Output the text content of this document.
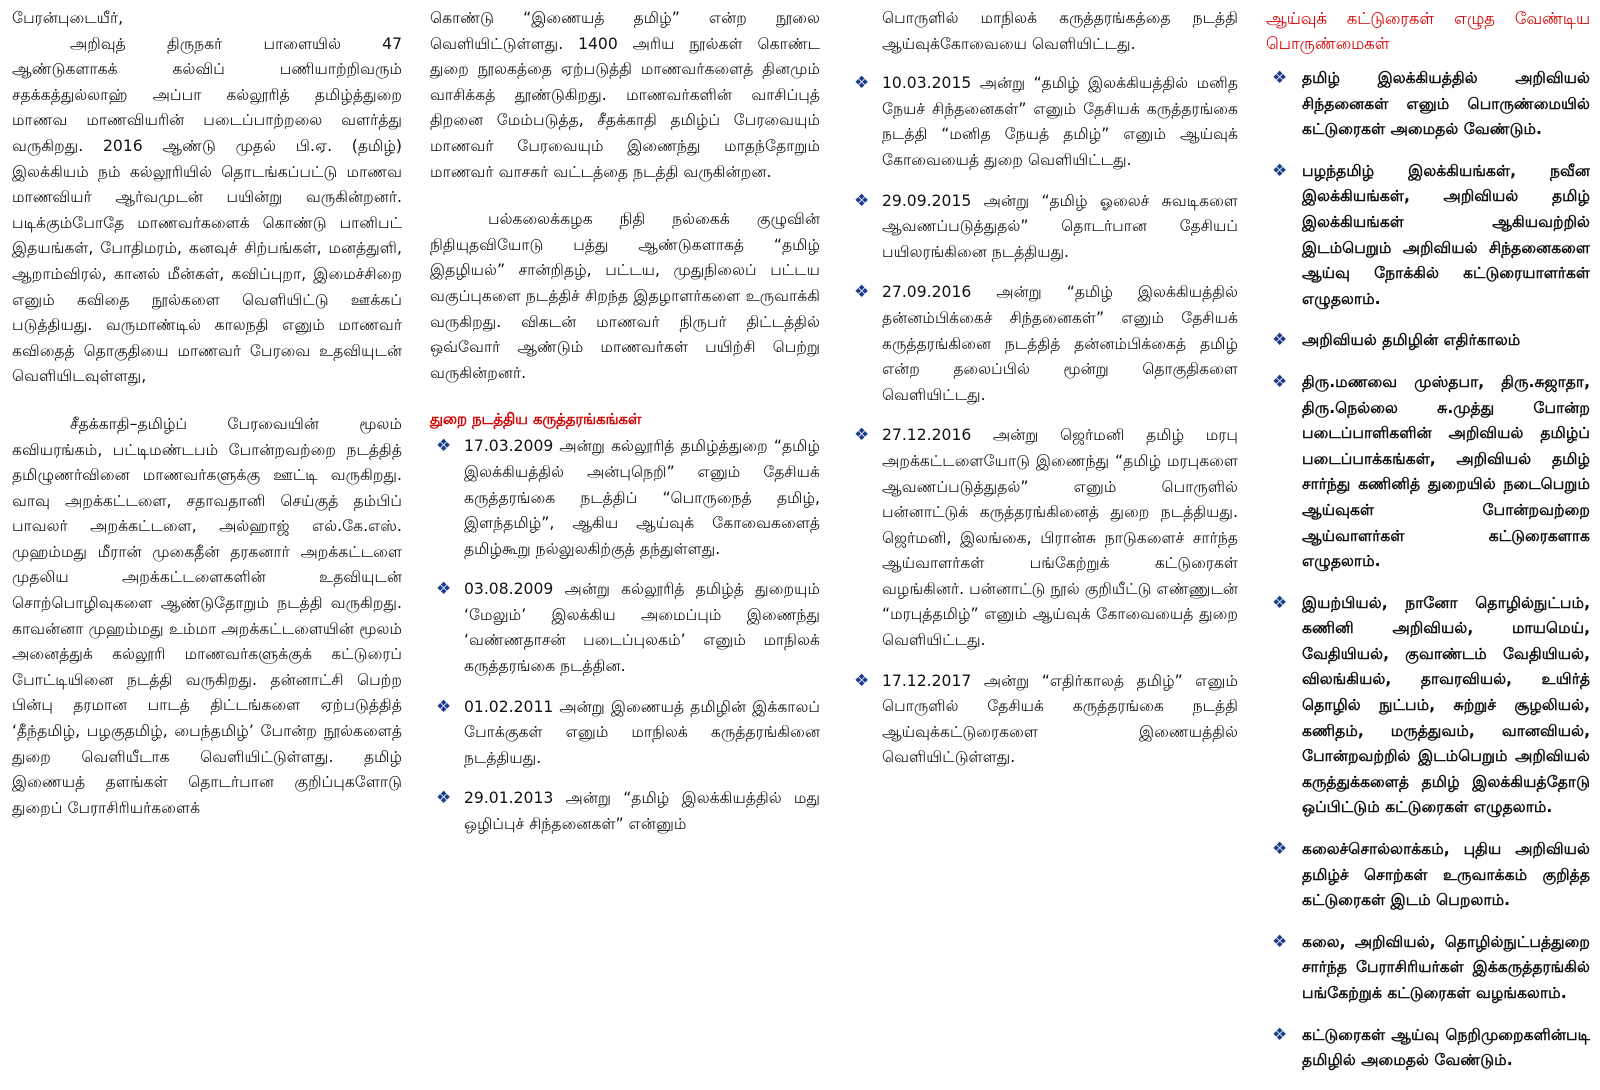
பேரன்புடையீர்,

அறிவுத் திருநகர் பாளையில் 47 ஆண்டுகளாகக் கல்விப் பணியாற்றிவரும் சதக்கத்துல்லாஹ் அப்பா கல்லூரித் தமிழ்த்துறை மாணவ மாணவியரின் படைப்பாற்றலை வளர்த்து வருகிறது. 2016 ஆண்டு முதல் பி.ஏ. (தமிழ்) இலக்கியம் நம் கல்லூரியில் தொடங்கப்பட்டு மாணவ மாணவியர் ஆர்வமுடன் பயின்று வருகின்றனர். படிக்கும்போதே மாணவர்களைக் கொண்டு பானிபட் இதயங்கள், போதிமரம், கனவுச் சிற்பங்கள், மனத்துளி, ஆறாம்விரல், கானல் மீன்கள், கவிப்புறா, இமைச்சிறை எனும் கவிதை நூல்களை வெளியிட்டு ஊக்கப் படுத்தியது. வருமாண்டில் காலநதி எனும் மாணவர் கவிதைத் தொகுதியை மாணவர் பேரவை உதவியுடன் வெளியிடவுள்ளது,

சீதக்காதி–தமிழ்ப் பேரவையின் மூலம் கவியரங்கம், பட்டிமண்டபம் போன்றவற்றை நடத்தித் தமிழுணர்வினை மாணவர்களுக்கு ஊட்டி வருகிறது. வாவு அறக்கட்டளை, சதாவதானி செய்குத் தம்பிப் பாவலர் அறக்கட்டளை, அல்ஹாஜ் எல்.கே.எஸ். முஹம்மது மீரான் முகைதீன் தரகனார் அறக்கட்டளை முதலிய அறக்கட்டளைகளின் உதவியுடன் சொற்பொழிவுகளை ஆண்டுதோறும் நடத்தி வருகிறது. காவன்னா முஹம்மது உம்மா அறக்கட்டளையின் மூலம் அனைத்துக் கல்லூரி மாணவர்களுக்குக் கட்டுரைப் போட்டியினை நடத்தி வருகிறது. தன்னாட்சி பெற்ற பின்பு தரமான பாடத் திட்டங்களை ஏற்படுத்தித் ‘தீந்தமிழ், பழகுதமிழ், பைந்தமிழ்’ போன்ற நூல்களைத் துறை வெளியீடாக வெளியிட்டுள்ளது. தமிழ் இணையத் தளங்கள் தொடர்பான குறிப்புகளோடு துறைப் பேராசிரியர்களைக்

கொண்டு “இணையத் தமிழ்” என்ற நூலை வெளியிட்டுள்ளது. 1400 அரிய நூல்கள் கொண்ட துறை நூலகத்தை ஏற்படுத்தி மாணவர்களைத் தினமும் வாசிக்கத் தூண்டுகிறது. மாணவர்களின் வாசிப்புத் திறனை மேம்படுத்த, சீதக்காதி தமிழ்ப் பேரவையும் மாணவர் பேரவையும் இணைந்து மாதந்தோறும் மாணவர் வாசகர் வட்டத்தை நடத்தி வருகின்றன.

பல்கலைக்கழக நிதி நல்கைக் குழுவின் நிதியுதவியோடு பத்து ஆண்டுகளாகத் “தமிழ் இதழியல்” சான்றிதழ், பட்டய, முதுநிலைப் பட்டய வகுப்புகளை நடத்திச் சிறந்த இதழாளர்களை உருவாக்கி வருகிறது. விகடன் மாணவர் நிருபர் திட்டத்தில் ஒவ்வோர் ஆண்டும் மாணவர்கள் பயிற்சி பெற்று வருகின்றனர்.

துறை நடத்திய கருத்தரங்கங்கள்
❖ 17.03.2009 அன்று கல்லூரித் தமிழ்த்துறை “தமிழ் இலக்கியத்தில் அன்புநெறி” எனும் தேசியக் கருத்தரங்கை நடத்திப் “பொருநைத் தமிழ், இளந்தமிழ்”, ஆகிய ஆய்வுக் கோவைகளைத் தமிழ்கூறு நல்லுலகிற்குத் தந்துள்ளது.
❖ 03.08.2009 அன்று கல்லூரித் தமிழ்த் துறையும் ‘மேலும்’ இலக்கிய அமைப்பும் இணைந்து ‘வண்ணதாசன் படைப்புலகம்’ எனும் மாநிலக் கருத்தரங்கை நடத்தின.
❖ 01.02.2011 அன்று இணையத் தமிழின் இக்காலப் போக்குகள் எனும் மாநிலக் கருத்தரங்கினை நடத்தியது.
❖ 29.01.2013 அன்று “தமிழ் இலக்கியத்தில் மது ஒழிப்புச் சிந்தனைகள்” என்னும்

பொருளில் மாநிலக் கருத்தரங்கத்தை நடத்தி ஆய்வுக்கோவையை வெளியிட்டது.

❖ 10.03.2015 அன்று “தமிழ் இலக்கியத்தில் மனித நேயச் சிந்தனைகள்” எனும் தேசியக் கருத்தரங்கை நடத்தி “மனித நேயத் தமிழ்” எனும் ஆய்வுக் கோவையைத் துறை வெளியிட்டது.
❖ 29.09.2015 அன்று “தமிழ் ஓலைச் சுவடிகளை ஆவணப்படுத்துதல்” தொடர்பான தேசியப் பயிலரங்கினை நடத்தியது.
❖ 27.09.2016 அன்று “தமிழ் இலக்கியத்தில் தன்னம்பிக்கைச் சிந்தனைகள்” எனும் தேசியக் கருத்தரங்கினை நடத்தித் தன்னம்பிக்கைத் தமிழ் என்ற தலைப்பில் மூன்று தொகுதிகளை வெளியிட்டது.
❖ 27.12.2016 அன்று ஜெர்மனி தமிழ் மரபு அறக்கட்டளையோடு இணைந்து “தமிழ் மரபுகளை ஆவணப்படுத்துதல்” எனும் பொருளில் பன்னாட்டுக் கருத்தரங்கினைத் துறை நடத்தியது. ஜெர்மனி, இலங்கை, பிரான்சு நாடுகளைச் சார்ந்த ஆய்வாளர்கள் பங்கேற்றுக் கட்டுரைகள் வழங்கினர். பன்னாட்டு நூல் குறியீட்டு எண்ணுடன் “மரபுத்தமிழ்” எனும் ஆய்வுக் கோவையைத் துறை வெளியிட்டது.
❖ 17.12.2017 அன்று “எதிர்காலத் தமிழ்” எனும் பொருளில் தேசியக் கருத்தரங்கை நடத்தி ஆய்வுக்கட்டுரைகளை இணையத்தில் வெளியிட்டுள்ளது.
ஆய்வுக் கட்டுரைகள் எழுத வேண்டிய பொருண்மைகள்
❖ தமிழ் இலக்கியத்தில் அறிவியல் சிந்தனைகள் எனும் பொருண்மையில் கட்டுரைகள் அமைதல் வேண்டும்.
❖ பழந்தமிழ் இலக்கியங்கள், நவீன இலக்கியங்கள், அறிவியல் தமிழ் இலக்கியங்கள் ஆகியவற்றில் இடம்பெறும் அறிவியல் சிந்தனைகளை ஆய்வு நோக்கில் கட்டுரையாளர்கள் எழுதலாம்.
❖ அறிவியல் தமிழின் எதிர்காலம்
❖ திரு.மணவை முஸ்தபா, திரு.சுஜாதா, திரு.நெல்லை சு.முத்து போன்ற படைப்பாளிகளின் அறிவியல் தமிழ்ப் படைப்பாக்கங்கள், அறிவியல் தமிழ் சார்ந்து கணினித் துறையில் நடைபெறும் ஆய்வுகள் போன்றவற்றை ஆய்வாளர்கள் கட்டுரைகளாக எழுதலாம்.
❖ இயற்பியல், நானோ தொழில்நுட்பம், கணினி அறிவியல், மாயமெய், வேதியியல், குவாண்டம் வேதியியல், விலங்கியல், தாவரவியல், உயிர்த் தொழில் நுட்பம், சுற்றுச் சூழலியல், கணிதம், மருத்துவம், வானவியல், போன்றவற்றில் இடம்பெறும் அறிவியல் கருத்துக்களைத் தமிழ் இலக்கியத்தோடு ஒப்பிட்டும் கட்டுரைகள் எழுதலாம்.
❖ கலைச்சொல்லாக்கம், புதிய அறிவியல் தமிழ்ச் சொற்கள் உருவாக்கம் குறித்த கட்டுரைகள் இடம் பெறலாம்.
❖ கலை, அறிவியல், தொழில்நுட்பத்துறை சார்ந்த பேராசிரியர்கள் இக்கருத்தரங்கில் பங்கேற்றுக் கட்டுரைகள் வழங்கலாம்.
❖ கட்டுரைகள் ஆய்வு நெறிமுறைகளின்படி தமிழில் அமைதல் வேண்டும்.
